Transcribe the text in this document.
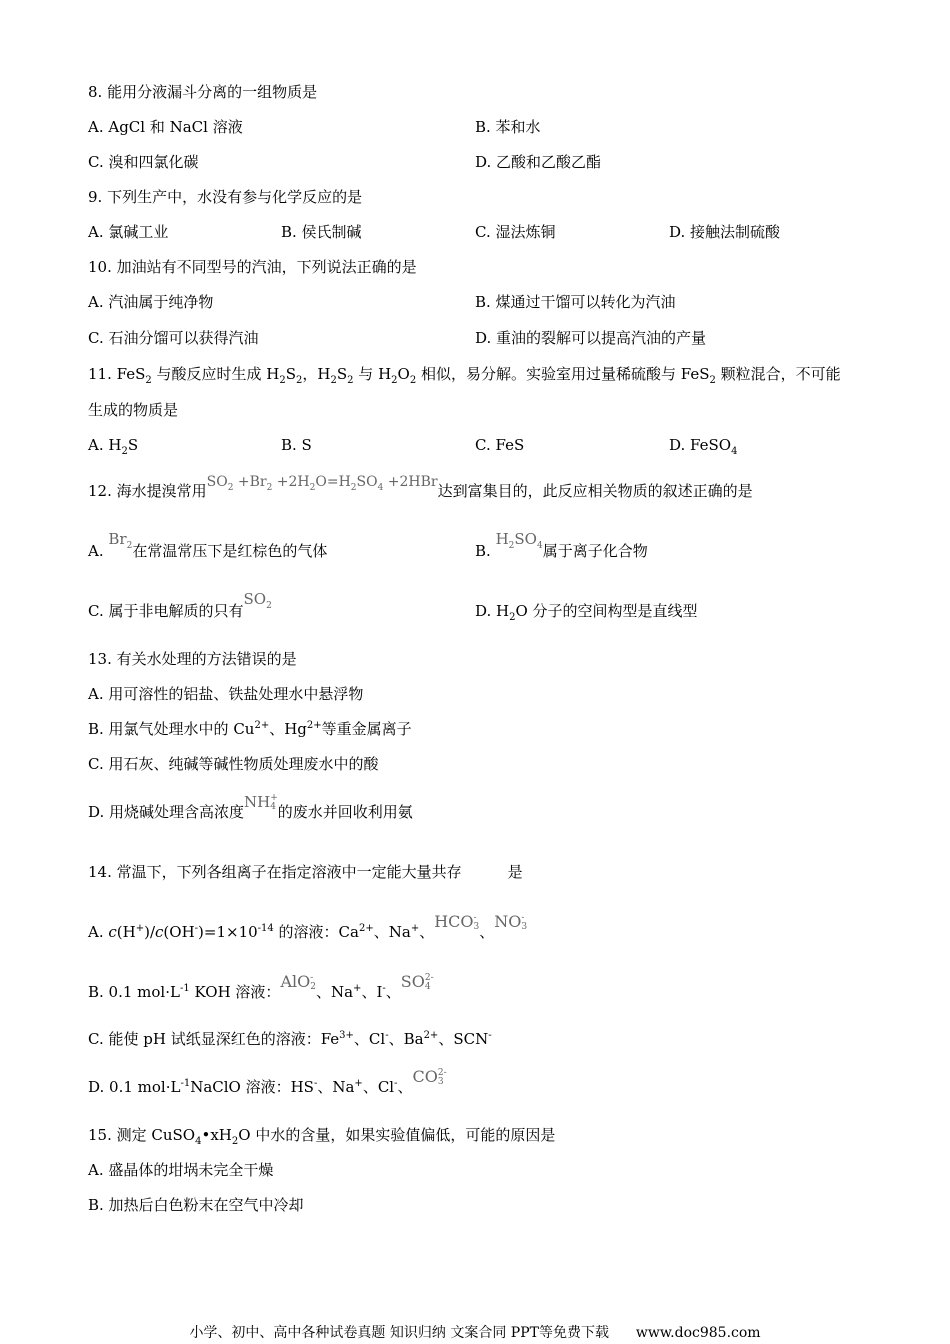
8. 能用分液漏斗分离的一组物质是
A. AgCl 和 NaCl 溶液	B. 苯和水
C. 溴和四氯化碳	D. 乙酸和乙酸乙酯
9. 下列生产中，水没有参与化学反应的是
A. 氯碱工业	B. 侯氏制碱	C. 湿法炼铜	D. 接触法制硫酸
10. 加油站有不同型号的汽油，下列说法正确的是
A. 汽油属于纯净物	B. 煤通过干馏可以转化为汽油
C. 石油分馏可以获得汽油	D. 重油的裂解可以提高汽油的产量
11. FeS$_2$ 与酸反应时生成 $H_2S_2$，$H_2S_2$ 与 $H_2O_2$ 相似，易分解。实验室用过量稀硫酸与 FeS$_2$ 颗粒混合，不可能
生成的物质是
A. $H_2S$	B. S	C. FeS	D. FeSO$_4$
12. 海水提溴常用$SO_2 +Br_2 +2H_2O=H_2SO_4 +2HBr$达到富集目的，此反应相关物质的叙述正确的是
A. $Br_2$在常温常压下是红棕色的气体	B. $H_2SO_4$属于离子化合物
C. 属于非电解质的只有$SO_2$	D. $H_2O$ 分子的空间构型是直线型
13. 有关水处理的方法错误的是
A. 用可溶性的铝盐、铁盐处理水中悬浮物
B. 用氯气处理水中的 $Cu^{2+}$、$Hg^{2+}$等重金属离子
C. 用石灰、纯碱等碱性物质处理废水中的酸
D. 用烧碱处理含高浓度NH +
4 的废水并回收利用氨
14. 常温下，下列各组离子在指定溶液中一定能大量共存	是
A. $c(H^+)/c(OH^-)=1\times 10^{-14}$ 的溶液：$Ca^{2+}$、Na+、HCO -
3 、NO -
3
B. 0.1 $mol\cdot L^{-1}$ KOH 溶液：AlO -
2 、Na+、I-、SO 2-
4
C. 能使 pH 试纸显深红色的溶液：$Fe^{3+}$、Cl-、$Ba^{2+}$、SCN-
D. 0.1 $mol\cdot L^{-1}NaClO$ 溶液：HS-、Na+、Cl-、CO 2-
3
15. 测定 $CuSO_4•xH_2O$ 中水的含量，如果实验值偏低，可能的原因是
A. 盛晶体的坩埚未完全干燥
B. 加热后白色粉末在空气中冷却
小学、初中、高中各种试卷真题 知识归纳 文案合同 PPT等免费下载 www.doc985.com
